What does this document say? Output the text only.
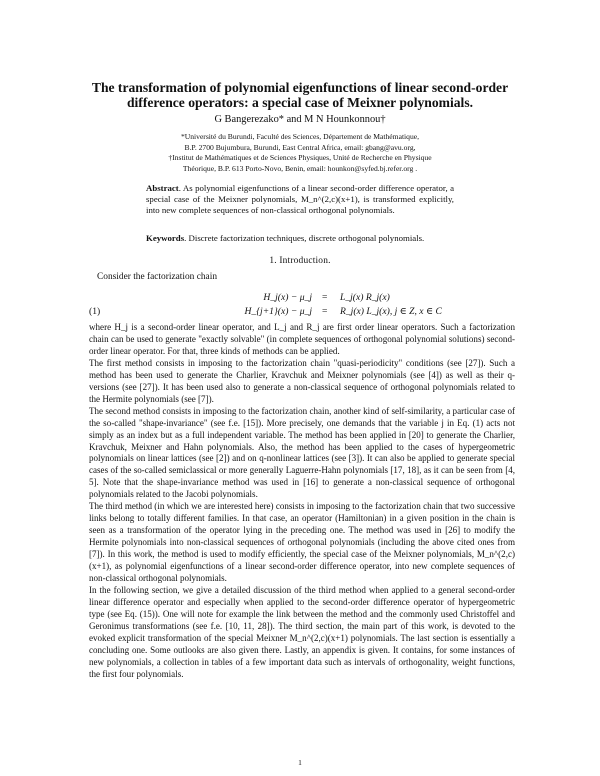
The transformation of polynomial eigenfunctions of linear second-order
difference operators: a special case of Meixner polynomials.
G Bangerezako* and M N Hounkonnou†
*Université du Burundi, Faculté des Sciences, Département de Mathématique,
B.P. 2700 Bujumbura, Burundi, East Central Africa, email: gbang@avu.org,
†Institut de Mathématiques et de Sciences Physiques, Unité de Recherche en Physique
Théorique, B.P. 613 Porto-Novo, Benin, email: hounkon@syfed.bj.refer.org .
Abstract. As polynomial eigenfunctions of a linear second-order difference operator, a special case of the Meixner polynomials, M_n^(2,c)(x+1), is transformed explicitly, into new complete sequences of non-classical orthogonal polynomials.
Keywords. Discrete factorization techniques, discrete orthogonal polynomials.
1. Introduction.
Consider the factorization chain
H_j(x) − μ_j = L_j(x) R_j(x)
(1)	H_{j+1}(x) − μ_j = R_j(x) L_j(x), j ∈ Z, x ∈ C

where H_j is a second-order linear operator, and L_j and R_j are first order linear operators. Such a factorization chain can be used to generate "exactly solvable" (in complete sequences of orthogonal polynomial solutions) second-order linear operator. For that, three kinds of methods can be applied.

The first method consists in imposing to the factorization chain "quasi-periodicity" conditions (see [27]). Such a method has been used to generate the Charlier, Kravchuk and Meixner polynomials (see [4]) as well as their q-versions (see [27]). It has been used also to generate a non-classical sequence of orthogonal polynomials related to the Hermite polynomials (see [7]).

The second method consists in imposing to the factorization chain, another kind of self-similarity, a particular case of the so-called "shape-invariance" (see f.e. [15]). More precisely, one demands that the variable j in Eq. (1) acts not simply as an index but as a full independent variable. The method has been applied in [20] to generate the Charlier, Kravchuk, Meixner and Hahn polynomials. Also, the method has been applied to the cases of hypergeometric polynomials on linear lattices (see [2]) and on q-nonlinear lattices (see [3]). It can also be applied to generate special cases of the so-called semiclassical or more generally Laguerre-Hahn polynomials [17, 18], as it can be seen from [4, 5]. Note that the shape-invariance method was used in [16] to generate a non-classical sequence of orthogonal polynomials related to the Jacobi polynomials.

The third method (in which we are interested here) consists in imposing to the factorization chain that two successive links belong to totally different families. In that case, an operator (Hamiltonian) in a given position in the chain is seen as a transformation of the operator lying in the preceding one. The method was used in [26] to modify the Hermite polynomials into non-classical sequences of orthogonal polynomials (including the above cited ones from [7]). In this work, the method is used to modify efficiently, the special case of the Meixner polynomials, M_n^(2,c)(x+1), as polynomial eigenfunctions of a linear second-order difference operator, into new complete sequences of non-classical orthogonal polynomials.

In the following section, we give a detailed discussion of the third method when applied to a general second-order linear difference operator and especially when applied to the second-order difference operator of hypergeometric type (see Eq. (15)). One will note for example the link between the method and the commonly used Christoffel and Geronimus transformations (see f.e. [10, 11, 28]). The third section, the main part of this work, is devoted to the evoked explicit transformation of the special Meixner M_n^(2,c)(x+1) polynomials. The last section is essentially a concluding one. Some outlooks are also given there. Lastly, an appendix is given. It contains, for some instances of new polynomials, a collection in tables of a few important data such as intervals of orthogonality, weight functions, the first four polynomials.

1
